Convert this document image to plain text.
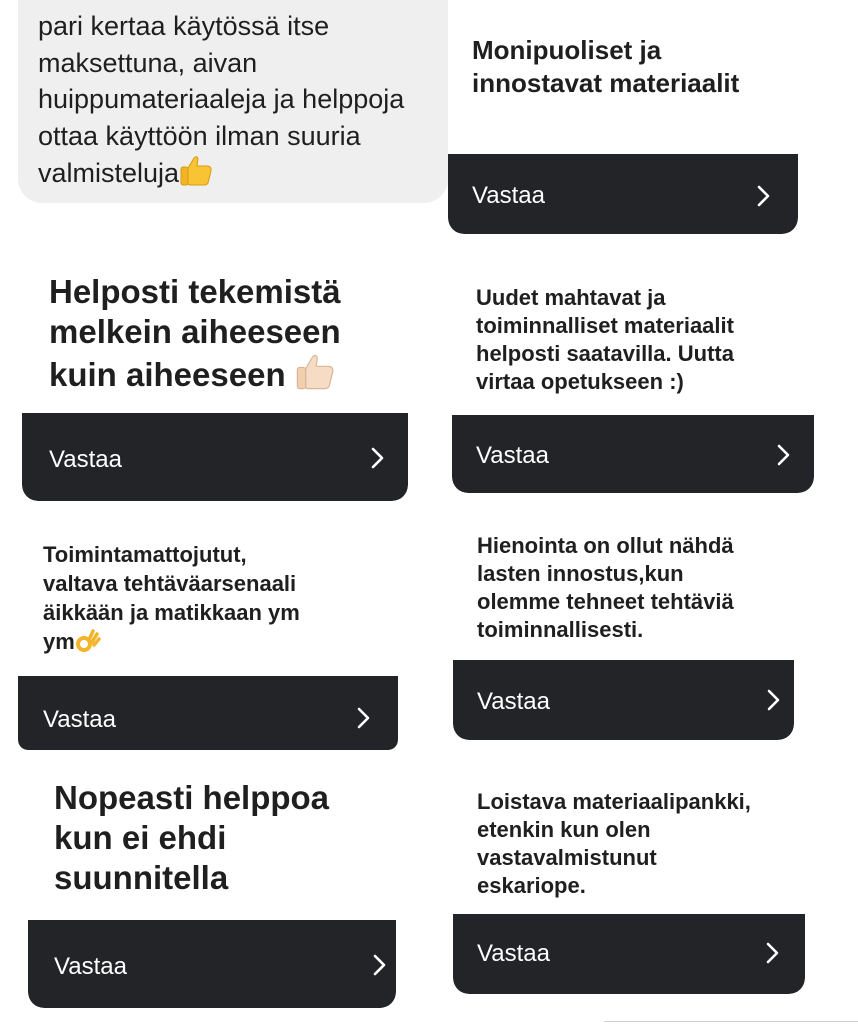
pari kertaa käytössä itse
maksettuna, aivan
huippumateriaaleja ja helppoja
ottaa käyttöön ilman suuria
valmisteluja

Monipuoliset ja
innostavat materiaalit

Vastaa

Helposti tekemistä
melkein aiheeseen
kuin aiheeseen

Vastaa

Uudet mahtavat ja
toiminnalliset materiaalit
helposti saatavilla. Uutta
virtaa opetukseen :)

Vastaa

Toimintamattojutut,
valtava tehtäväarsenaali
äikkään ja matikkaan ym
ym

Vastaa

Hienointa on ollut nähdä
lasten innostus,kun
olemme tehneet tehtäviä
toiminnallisesti.

Vastaa

Nopeasti helppoa
kun ei ehdi
suunnitella

Vastaa

Loistava materiaalipankki,
etenkin kun olen
vastavalmistunut
eskariope.

Vastaa
